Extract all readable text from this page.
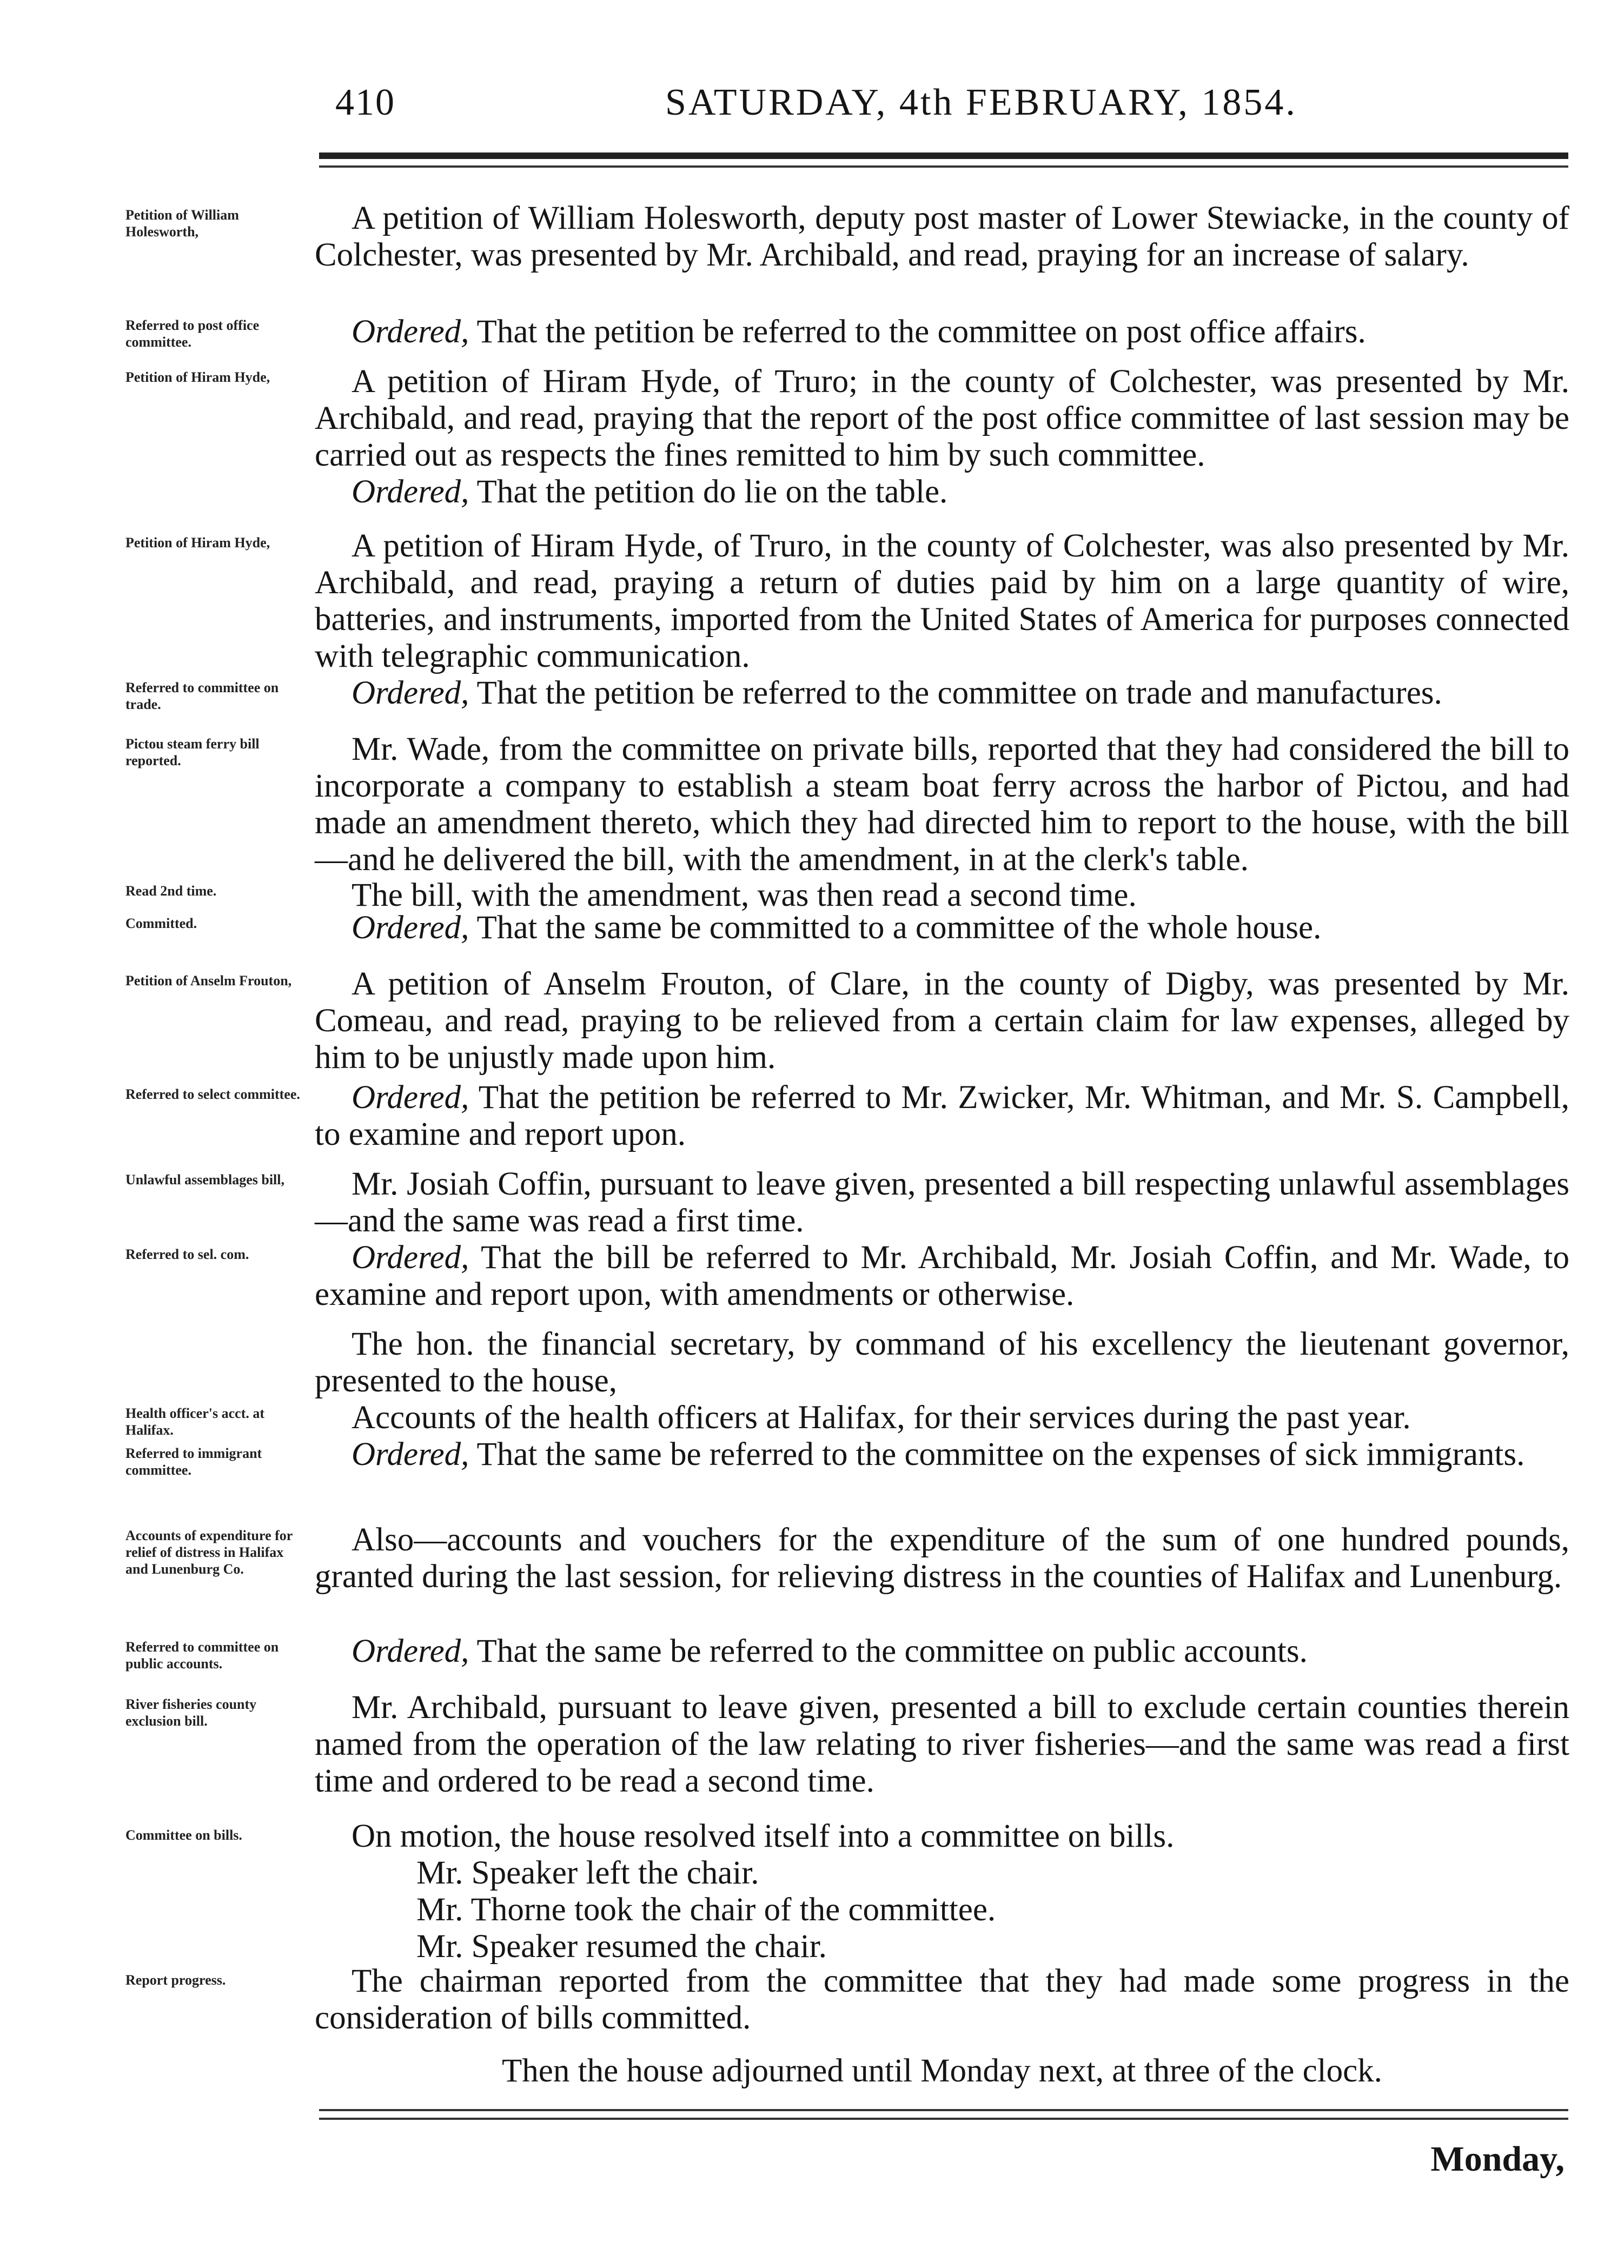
410	SATURDAY, 4th FEBRUARY, 1854.
Petition of William Holesworth,	A petition of William Holesworth, deputy post master of Lower Stewiacke, in the county of Colchester, was presented by Mr. Archibald, and read, praying for an increase of salary.
Referred to post office committee.	Ordered, That the petition be referred to the committee on post office affairs.
Petition of Hiram Hyde,	A petition of Hiram Hyde, of Truro; in the county of Colchester, was presented by Mr. Archibald, and read, praying that the report of the post office committee of last session may be carried out as respects the fines remitted to him by such committee.
Ordered, That the petition do lie on the table.
Petition of Hiram Hyde,	A petition of Hiram Hyde, of Truro, in the county of Colchester, was also presented by Mr. Archibald, and read, praying a return of duties paid by him on a large quantity of wire, batteries, and instruments, imported from the United States of America for purposes connected with telegraphic communication.
Referred to committee on trade.	Ordered, That the petition be referred to the committee on trade and manufactures.
Pictou steam ferry bill reported.	Mr. Wade, from the committee on private bills, reported that they had considered the bill to incorporate a company to establish a steam boat ferry across the harbor of Pictou, and had made an amendment thereto, which they had directed him to report to the house, with the bill—and he delivered the bill, with the amendment, in at the clerk's table.
Read 2nd time.	The bill, with the amendment, was then read a second time.
Committed.	Ordered, That the same be committed to a committee of the whole house.
Petition of Anselm Frouton,	A petition of Anselm Frouton, of Clare, in the county of Digby, was presented by Mr. Comeau, and read, praying to be relieved from a certain claim for law expenses, alleged by him to be unjustly made upon him.
Referred to select committee.	Ordered, That the petition be referred to Mr. Zwicker, Mr. Whitman, and Mr. S. Campbell, to examine and report upon.
Unlawful assemblages bill,	Mr. Josiah Coffin, pursuant to leave given, presented a bill respecting unlawful assemblages—and the same was read a first time.
Referred to sel. com.	Ordered, That the bill be referred to Mr. Archibald, Mr. Josiah Coffin, and Mr. Wade, to examine and report upon, with amendments or otherwise.
The hon. the financial secretary, by command of his excellency the lieutenant governor, presented to the house,
Health officer's acct. at Halifax.	Accounts of the health officers at Halifax, for their services during the past year.
Referred to immigrant committee.	Ordered, That the same be referred to the committee on the expenses of sick immigrants.
Accounts of expenditure for relief of distress in Halifax and Lunenburg Co.
Also—accounts and vouchers for the expenditure of the sum of one hundred pounds, granted during the last session, for relieving distress in the counties of Halifax and Lunenburg.
Referred to committee on public accounts.	Ordered, That the same be referred to the committee on public accounts.
River fisheries county exclusion bill.	Mr. Archibald, pursuant to leave given, presented a bill to exclude certain counties therein named from the operation of the law relating to river fisheries—and the same was read a first time and ordered to be read a second time.
Committee on bills.	On motion, the house resolved itself into a committee on bills.
Mr. Speaker left the chair.
Mr. Thorne took the chair of the committee.
Mr. Speaker resumed the chair.
Report progress.	The chairman reported from the committee that they had made some progress in the consideration of bills committed.
Then the house adjourned until Monday next, at three of the clock.
Monday,
